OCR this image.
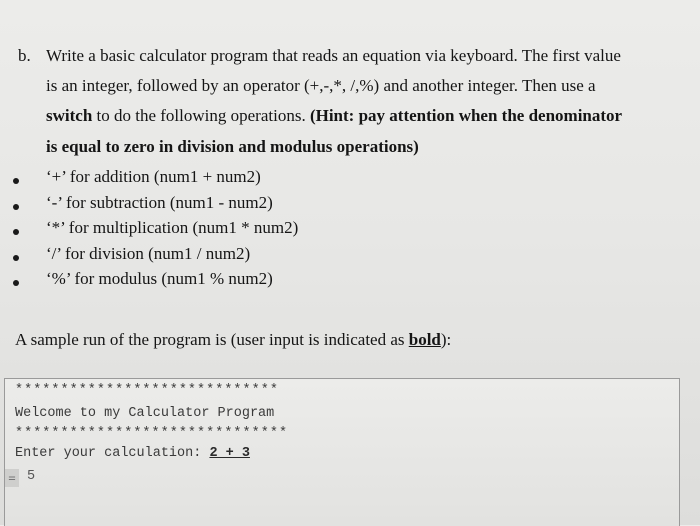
b. Write a basic calculator program that reads an equation via keyboard. The first value
is an integer, followed by an operator (+,-,*, /,%) and another integer. Then use a
switch to do the following operations. (Hint: pay attention when the denominator
is equal to zero in division and modulus operations)
‘+’ for addition (num1 + num2)
‘-’ for subtraction (num1 - num2)
‘*’ for multiplication (num1 * num2)
‘/’ for division (num1 / num2)
‘%’ for modulus (num1 % num2)
A sample run of the program is (user input is indicated as bold):
*****************************
Welcome to my Calculator Program
******************************
Enter your calculation: 2 + 3
= 5
